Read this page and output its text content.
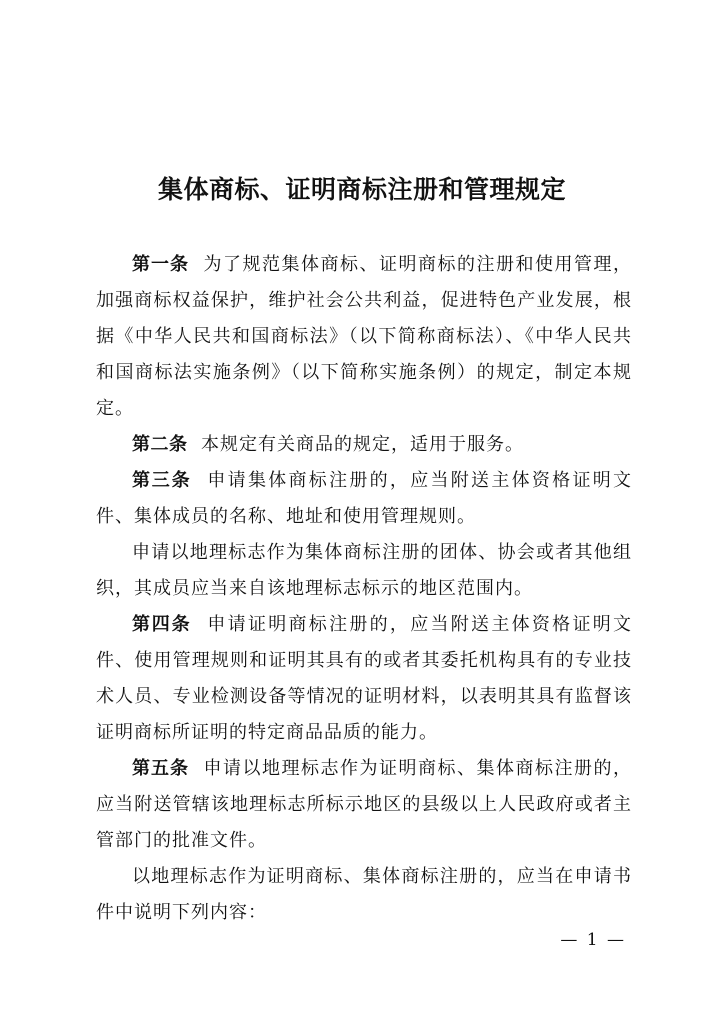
集体商标、证明商标注册和管理规定

第一条 为了规范集体商标、证明商标的注册和使用管理，加强商标权益保护，维护社会公共利益，促进特色产业发展，根据《中华人民共和国商标法》（以下简称商标法）、《中华人民共和国商标法实施条例》（以下简称实施条例）的规定，制定本规定。

第二条 本规定有关商品的规定，适用于服务。

第三条 申请集体商标注册的，应当附送主体资格证明文件、集体成员的名称、地址和使用管理规则。

申请以地理标志作为集体商标注册的团体、协会或者其他组织，其成员应当来自该地理标志标示的地区范围内。

第四条 申请证明商标注册的，应当附送主体资格证明文件、使用管理规则和证明其具有的或者其委托机构具有的专业技术人员、专业检测设备等情况的证明材料，以表明其具有监督该证明商标所证明的特定商品品质的能力。

第五条 申请以地理标志作为证明商标、集体商标注册的，应当附送管辖该地理标志所标示地区的县级以上人民政府或者主管部门的批准文件。

以地理标志作为证明商标、集体商标注册的，应当在申请书件中说明下列内容：

— 1 —
